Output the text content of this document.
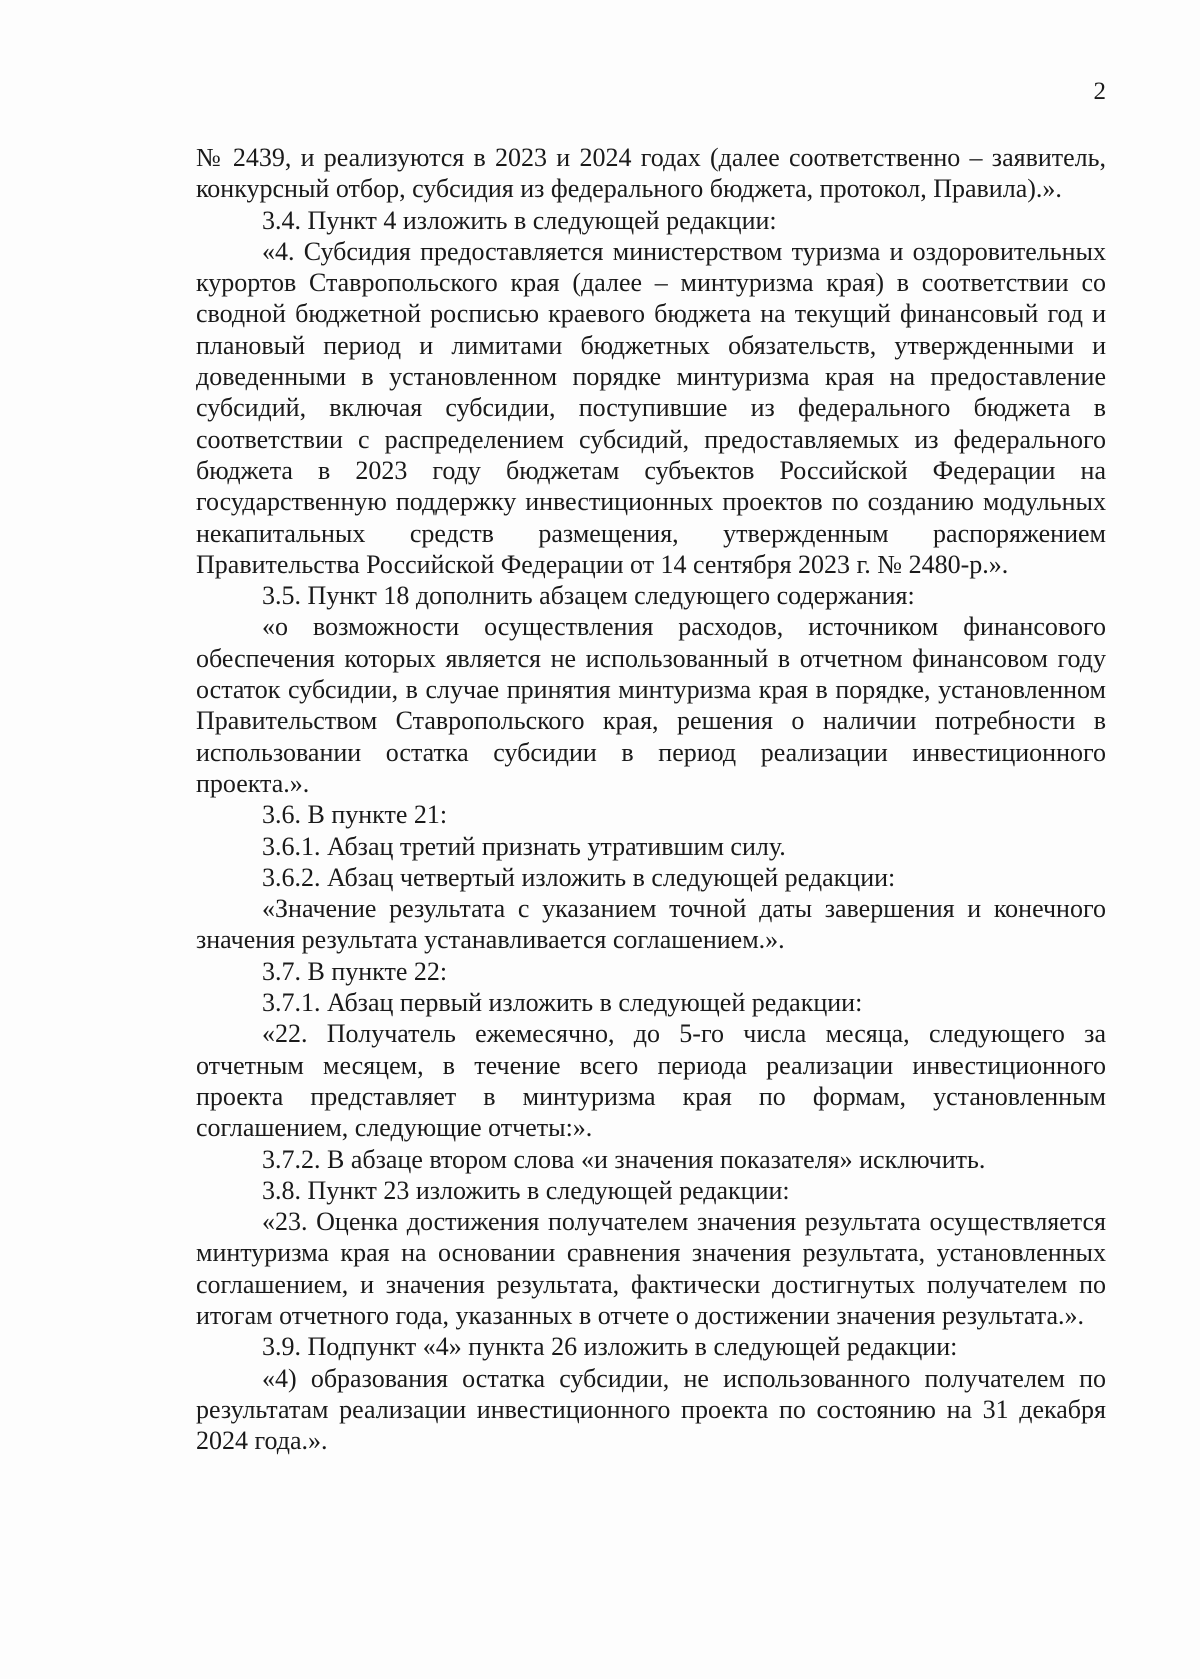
2

№ 2439, и реализуются в 2023 и 2024 годах (далее соответственно – заявитель, конкурсный отбор, субсидия из федерального бюджета, протокол, Правила).».

3.4. Пункт 4 изложить в следующей редакции:

«4. Субсидия предоставляется министерством туризма и оздоровительных курортов Ставропольского края (далее – минтуризма края) в соответствии со сводной бюджетной росписью краевого бюджета на текущий финансовый год и плановый период и лимитами бюджетных обязательств, утвержденными и доведенными в установленном порядке минтуризма края на предоставление субсидий, включая субсидии, поступившие из федерального бюджета в соответствии с распределением субсидий, предоставляемых из федерального бюджета в 2023 году бюджетам субъектов Российской Федерации на государственную поддержку инвестиционных проектов по созданию модульных некапитальных средств размещения, утвержденным распоряжением Правительства Российской Федерации от 14 сентября 2023 г. № 2480-р.».

3.5. Пункт 18 дополнить абзацем следующего содержания:

«о возможности осуществления расходов, источником финансового обеспечения которых является не использованный в отчетном финансовом году остаток субсидии, в случае принятия минтуризма края в порядке, установленном Правительством Ставропольского края, решения о наличии потребности в использовании остатка субсидии в период реализации инвестиционного проекта.».

3.6. В пункте 21:

3.6.1. Абзац третий признать утратившим силу.

3.6.2. Абзац четвертый изложить в следующей редакции:

«Значение результата с указанием точной даты завершения и конечного значения результата устанавливается соглашением.».

3.7. В пункте 22:

3.7.1. Абзац первый изложить в следующей редакции:

«22. Получатель ежемесячно, до 5-го числа месяца, следующего за отчетным месяцем, в течение всего периода реализации инвестиционного проекта представляет в минтуризма края по формам, установленным соглашением, следующие отчеты:».

3.7.2. В абзаце втором слова «и значения показателя» исключить.

3.8. Пункт 23 изложить в следующей редакции:

«23. Оценка достижения получателем значения результата осуществляется минтуризма края на основании сравнения значения результата, установленных соглашением, и значения результата, фактически достигнутых получателем по итогам отчетного года, указанных в отчете о достижении значения результата.».

3.9. Подпункт «4» пункта 26 изложить в следующей редакции:

«4) образования остатка субсидии, не использованного получателем по результатам реализации инвестиционного проекта по состоянию на 31 декабря 2024 года.».
